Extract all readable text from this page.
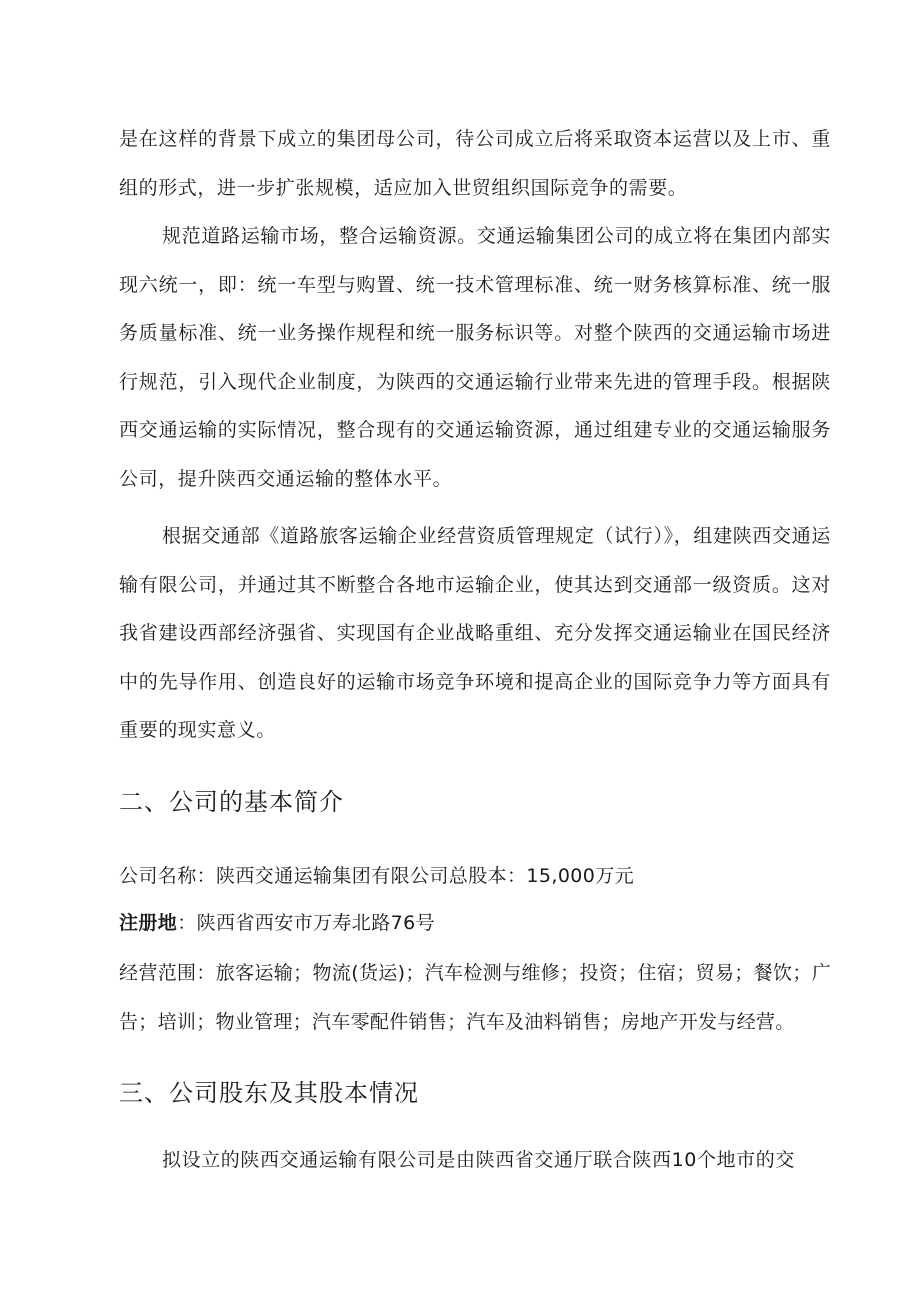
是在这样的背景下成立的集团母公司，待公司成立后将采取资本运营以及上市、重组的形式，进一步扩张规模，适应加入世贸组织国际竞争的需要。

规范道路运输市场，整合运输资源。交通运输集团公司的成立将在集团内部实现六统一，即：统一车型与购置、统一技术管理标准、统一财务核算标准、统一服务质量标准、统一业务操作规程和统一服务标识等。对整个陕西的交通运输市场进行规范，引入现代企业制度，为陕西的交通运输行业带来先进的管理手段。根据陕西交通运输的实际情况，整合现有的交通运输资源，通过组建专业的交通运输服务公司，提升陕西交通运输的整体水平。

根据交通部《道路旅客运输企业经营资质管理规定（试行）》，组建陕西交通运输有限公司，并通过其不断整合各地市运输企业，使其达到交通部一级资质。这对我省建设西部经济强省、实现国有企业战略重组、充分发挥交通运输业在国民经济中的先导作用、创造良好的运输市场竞争环境和提高企业的国际竞争力等方面具有重要的现实意义。

二、公司的基本简介
公司名称：陕西交通运输集团有限公司总股本：15,000万元
注册地：陕西省西安市万寿北路76号

经营范围：旅客运输；物流(货运)；汽车检测与维修；投资；住宿；贸易；餐饮；广告；培训；物业管理；汽车零配件销售；汽车及油料销售；房地产开发与经营。

三、公司股东及其股本情况

拟设立的陕西交通运输有限公司是由陕西省交通厅联合陕西10个地市的交
